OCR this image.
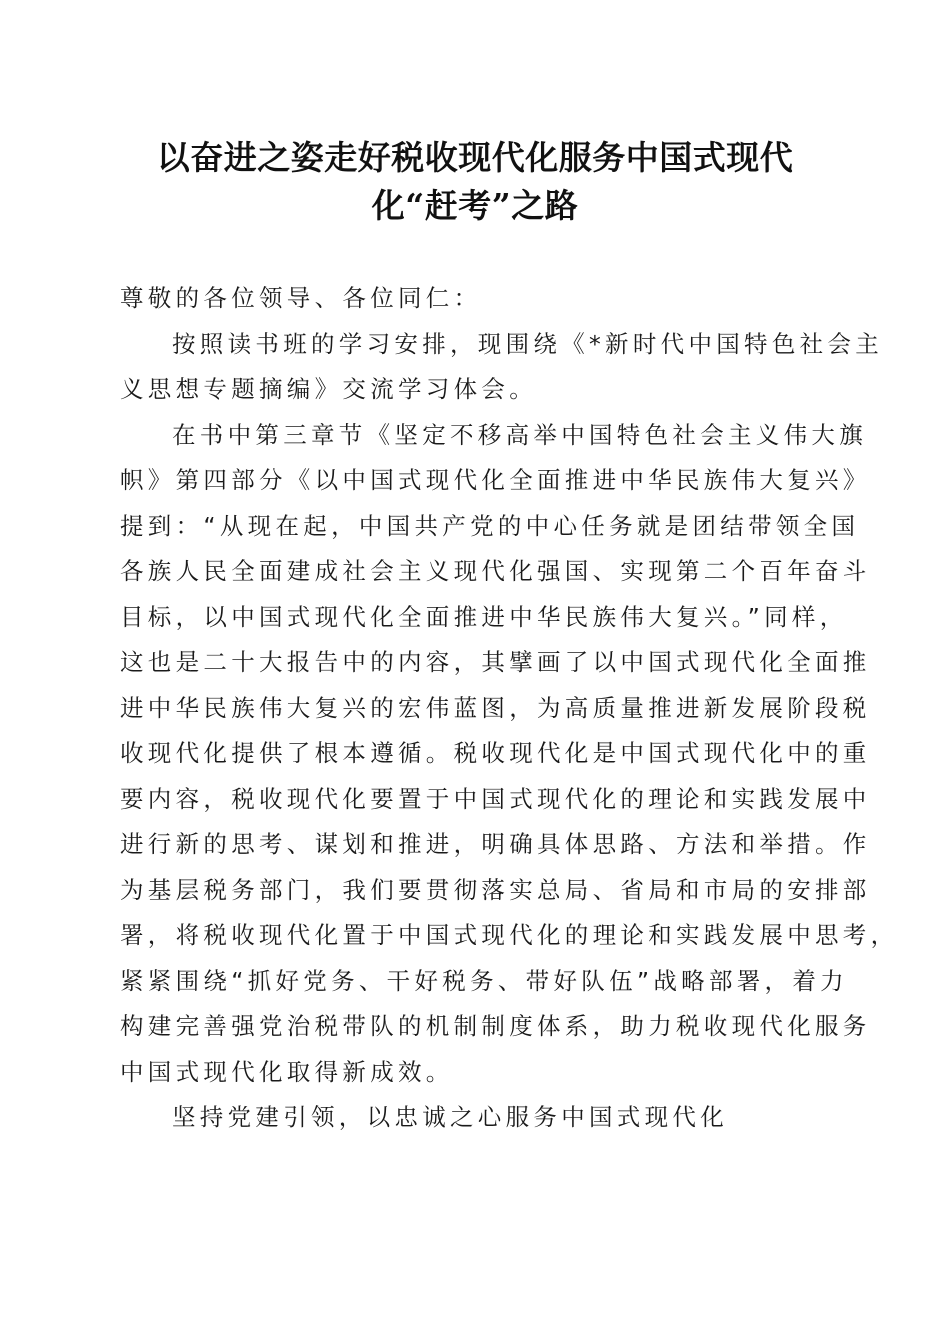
以奋进之姿走好税收现代化服务中国式现代
化“赶考”之路

尊敬的各位领导、各位同仁：

按照读书班的学习安排，现围绕《*新时代中国特色社会主

义思想专题摘编》交流学习体会。

在书中第三章节《坚定不移高举中国特色社会主义伟大旗

帜》第四部分《以中国式现代化全面推进中华民族伟大复兴》

提到：“从现在起，中国共产党的中心任务就是团结带领全国

各族人民全面建成社会主义现代化强国、实现第二个百年奋斗

目标，以中国式现代化全面推进中华民族伟大复兴。”同样，

这也是二十大报告中的内容，其擘画了以中国式现代化全面推

进中华民族伟大复兴的宏伟蓝图，为高质量推进新发展阶段税

收现代化提供了根本遵循。税收现代化是中国式现代化中的重

要内容，税收现代化要置于中国式现代化的理论和实践发展中

进行新的思考、谋划和推进，明确具体思路、方法和举措。作

为基层税务部门，我们要贯彻落实总局、省局和市局的安排部

署，将税收现代化置于中国式现代化的理论和实践发展中思考，

紧紧围绕“抓好党务、干好税务、带好队伍”战略部署，着力

构建完善强党治税带队的机制制度体系，助力税收现代化服务

中国式现代化取得新成效。

坚持党建引领，以忠诚之心服务中国式现代化
